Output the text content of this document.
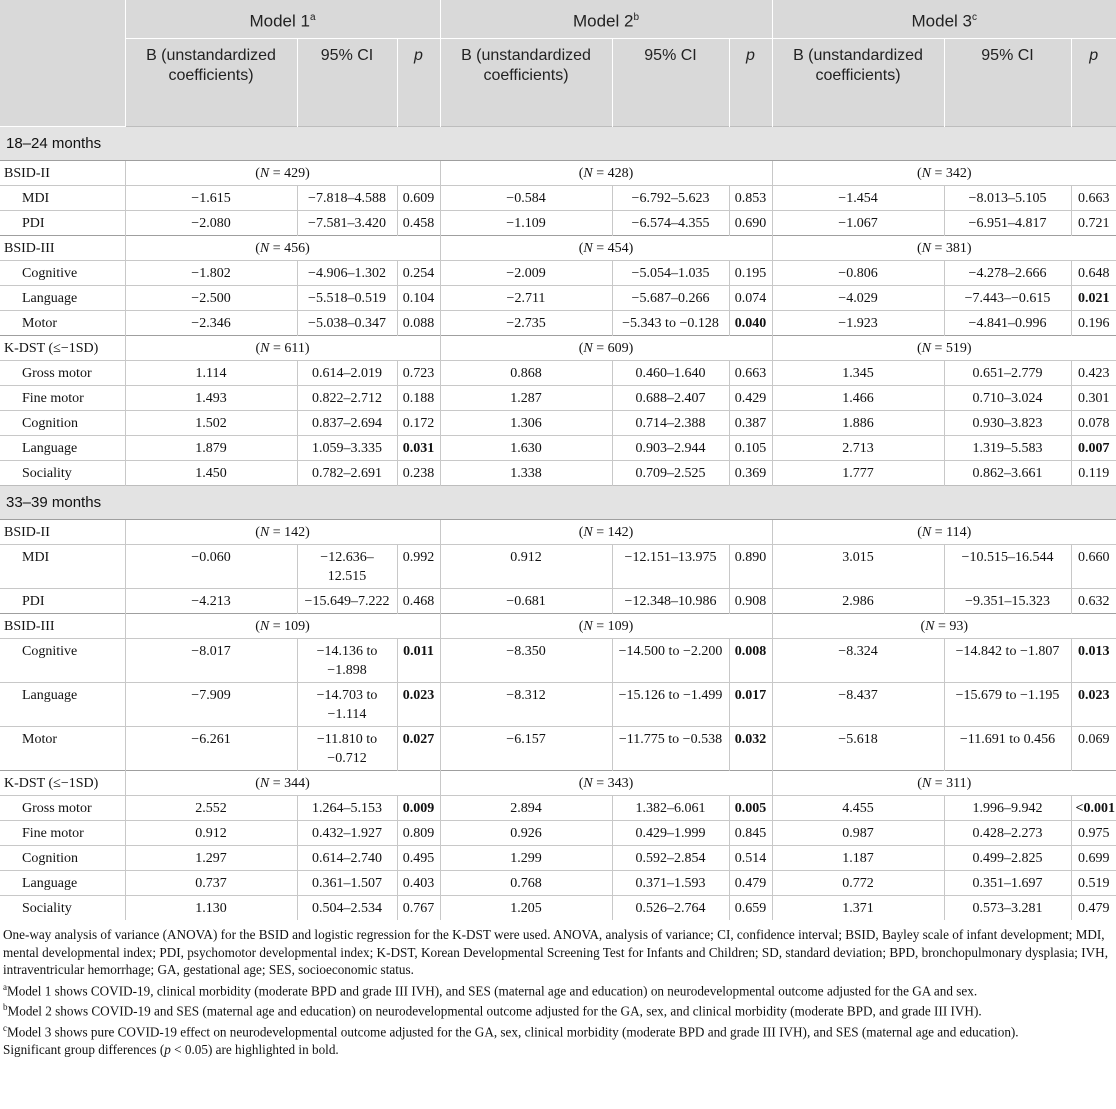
	Model 1$^a$			Model 2$^b$			Model 3$^c$
	B (unstandardized coefficients)	95% CI	p	B (unstandardized coefficients)	95% CI	p	B (unstandardized coefficients)	95% CI	p
18–24 months									
BSID-II	(N = 429)			(N = 428)			(N = 342)		
MDI	−1.615	−7.818–4.588	0.609	−0.584	−6.792–5.623	0.853	−1.454	−8.013–5.105	0.663
PDI	−2.080	−7.581–3.420	0.458	−1.109	−6.574–4.355	0.690	−1.067	−6.951–4.817	0.721
BSID-III	(N = 456)			(N = 454)			(N = 381)		
Cognitive	−1.802	−4.906–1.302	0.254	−2.009	−5.054–1.035	0.195	−0.806	−4.278–2.666	0.648
Language	−2.500	−5.518–0.519	0.104	−2.711	−5.687–0.266	0.074	−4.029	−7.443–−0.615	0.021
Motor	−2.346	−5.038–0.347	0.088	−2.735	−5.343 to −0.128	0.040	−1.923	−4.841–0.996	0.196
K-DST (≤−1SD)	(N = 611)			(N = 609)			(N = 519)		
Gross motor	1.114	0.614–2.019	0.723	0.868	0.460–1.640	0.663	1.345	0.651–2.779	0.423
Fine motor	1.493	0.822–2.712	0.188	1.287	0.688–2.407	0.429	1.466	0.710–3.024	0.301
Cognition	1.502	0.837–2.694	0.172	1.306	0.714–2.388	0.387	1.886	0.930–3.823	0.078
Language	1.879	1.059–3.335	0.031	1.630	0.903–2.944	0.105	2.713	1.319–5.583	0.007
Sociality	1.450	0.782–2.691	0.238	1.338	0.709–2.525	0.369	1.777	0.862–3.661	0.119
33–39 months									
BSID-II	(N = 142)			(N = 142)			(N = 114)		
MDI	−0.060	−12.636–12.515	0.992	0.912	−12.151–13.975	0.890	3.015	−10.515–16.544	0.660
PDI	−4.213	−15.649–7.222	0.468	−0.681	−12.348–10.986	0.908	2.986	−9.351–15.323	0.632
BSID-III	(N = 109)			(N = 109)			(N = 93)		
Cognitive	−8.017	−14.136 to −1.898	0.011	−8.350	−14.500 to −2.200	0.008	−8.324	−14.842 to −1.807	0.013
Language	−7.909	−14.703 to −1.114	0.023	−8.312	−15.126 to −1.499	0.017	−8.437	−15.679 to −1.195	0.023
Motor	−6.261	−11.810 to −0.712	0.027	−6.157	−11.775 to −0.538	0.032	−5.618	−11.691 to 0.456	0.069
K-DST (≤−1SD)	(N = 344)			(N = 343)			(N = 311)		
Gross motor	2.552	1.264–5.153	0.009	2.894	1.382–6.061	0.005	4.455	1.996–9.942	<0.001
Fine motor	0.912	0.432–1.927	0.809	0.926	0.429–1.999	0.845	0.987	0.428–2.273	0.975
Cognition	1.297	0.614–2.740	0.495	1.299	0.592–2.854	0.514	1.187	0.499–2.825	0.699
Language	0.737	0.361–1.507	0.403	0.768	0.371–1.593	0.479	0.772	0.351–1.697	0.519
Sociality	1.130	0.504–2.534	0.767	1.205	0.526–2.764	0.659	1.371	0.573–3.281	0.479

One-way analysis of variance (ANOVA) for the BSID and logistic regression for the K-DST were used. ANOVA, analysis of variance; CI, confidence interval; BSID, Bayley scale of infant development; MDI, mental developmental index; PDI, psychomotor developmental index; K-DST, Korean Developmental Screening Test for Infants and Children; SD, standard deviation; BPD, bronchopulmonary dysplasia; IVH, intraventricular hemorrhage; GA, gestational age; SES, socioeconomic status.

$^a$Model 1 shows COVID-19, clinical morbidity (moderate BPD and grade III IVH), and SES (maternal age and education) on neurodevelopmental outcome adjusted for the GA and sex.

$^b$Model 2 shows COVID-19 and SES (maternal age and education) on neurodevelopmental outcome adjusted for the GA, sex, and clinical morbidity (moderate BPD, and grade III IVH).

$^c$Model 3 shows pure COVID-19 effect on neurodevelopmental outcome adjusted for the GA, sex, clinical morbidity (moderate BPD and grade III IVH), and SES (maternal age and education).

Significant group differences (p < 0.05) are highlighted in bold.
